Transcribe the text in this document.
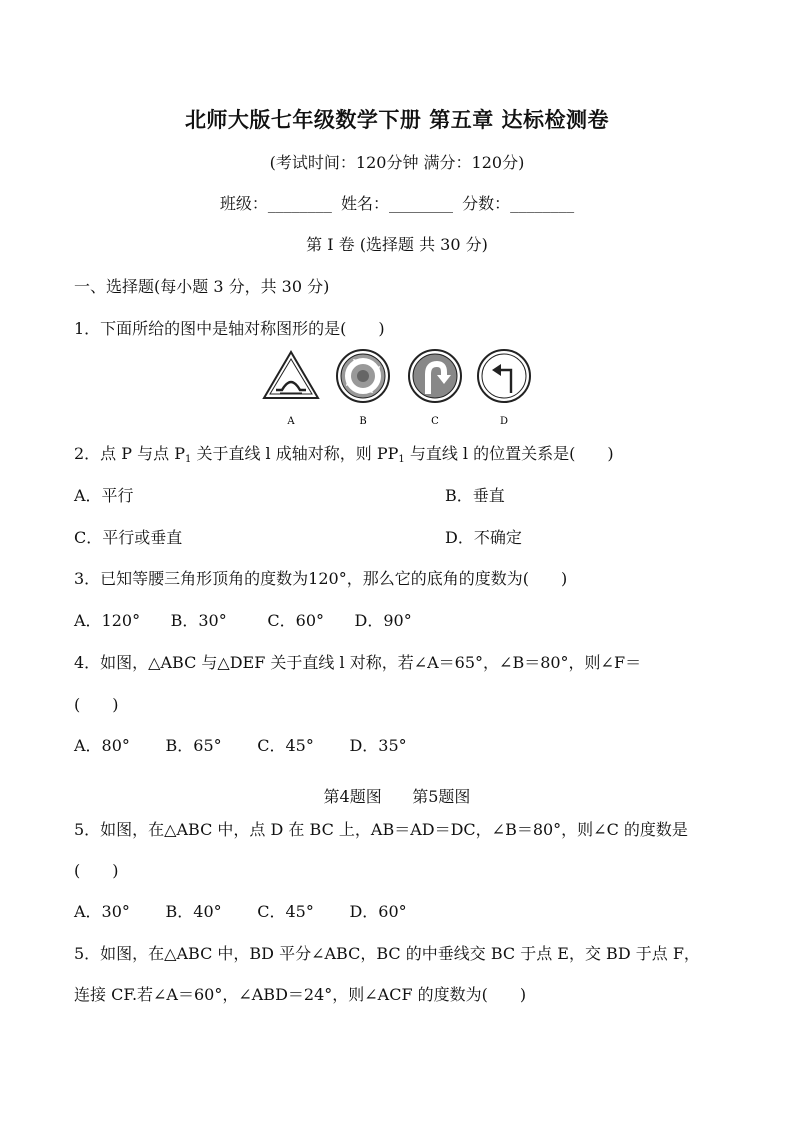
北师大版七年级数学下册 第五章 达标检测卷
(考试时间：120分钟 满分：120分)
班级：________ 姓名：________ 分数：________
第 I 卷 (选择题 共 30 分)
一、选择题(每小题 3 分，共 30 分)
1．下面所给的图中是轴对称图形的是(　　)
A	B	C	D
2．点 P 与点 $P_1$ 关于直线 l 成轴对称，则 $PP_1$ 与直线 l 的位置关系是(　　)
A．平行	B．垂直
C．平行或垂直	D．不确定
3．已知等腰三角形顶角的度数为120°，那么它的底角的度数为(　　)
A．120°      B．30°        C．60°      D．90°
4．如图，△ABC 与△DEF 关于直线 l 对称，若∠A＝65°，∠B＝80°，则∠F＝
(　　)
A．80°       B．65°       C．45°       D．35°
第4题图      第5题图
5．如图，在△ABC 中，点 D 在 BC 上，AB＝AD＝DC，∠B＝80°，则∠C 的度数是
(　　)
A．30°       B．40°       C．45°       D．60°
5．如图，在△ABC 中，BD 平分∠ABC，BC 的中垂线交 BC 于点 E，交 BD 于点 F，
连接 CF.若∠A＝60°，∠ABD＝24°，则∠ACF 的度数为(　　)
